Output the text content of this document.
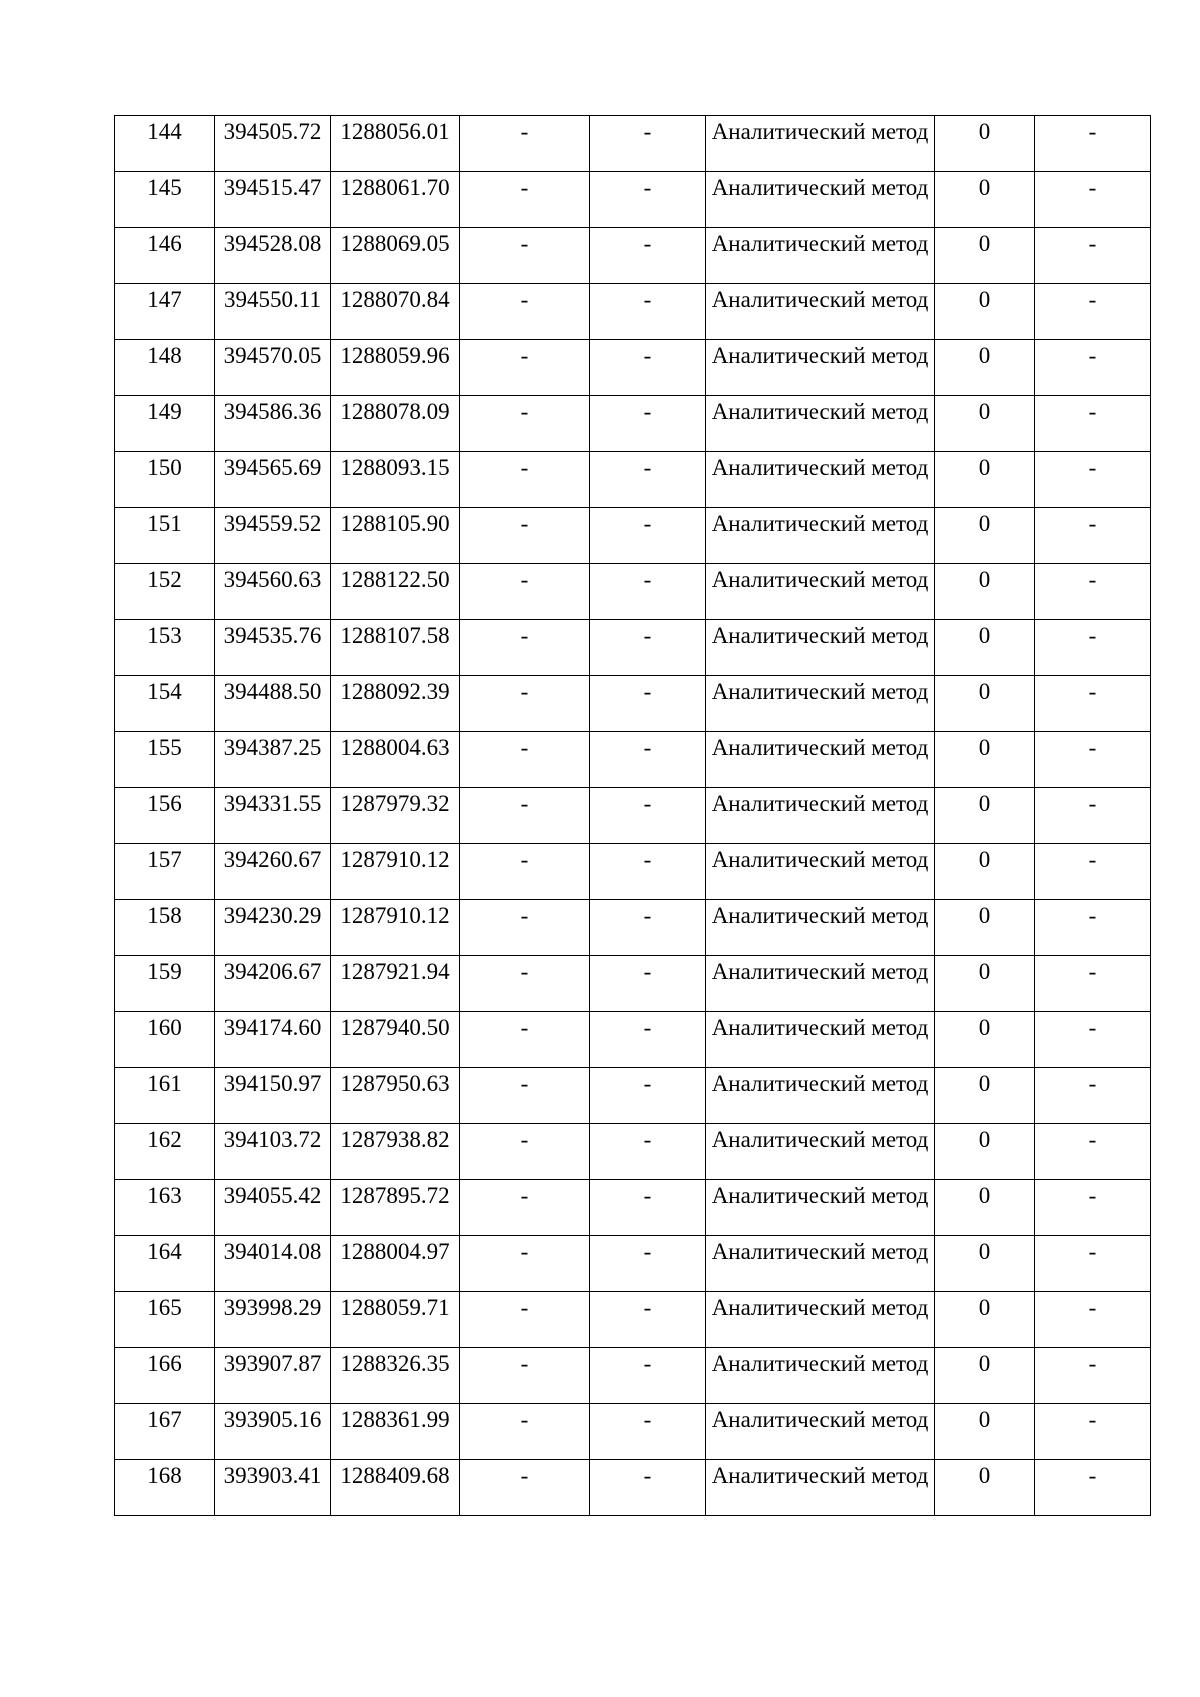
144	394505.72	1288056.01	-	-	Аналитический метод	0	-
145	394515.47	1288061.70	-	-	Аналитический метод	0	-
146	394528.08	1288069.05	-	-	Аналитический метод	0	-
147	394550.11	1288070.84	-	-	Аналитический метод	0	-
148	394570.05	1288059.96	-	-	Аналитический метод	0	-
149	394586.36	1288078.09	-	-	Аналитический метод	0	-
150	394565.69	1288093.15	-	-	Аналитический метод	0	-
151	394559.52	1288105.90	-	-	Аналитический метод	0	-
152	394560.63	1288122.50	-	-	Аналитический метод	0	-
153	394535.76	1288107.58	-	-	Аналитический метод	0	-
154	394488.50	1288092.39	-	-	Аналитический метод	0	-
155	394387.25	1288004.63	-	-	Аналитический метод	0	-
156	394331.55	1287979.32	-	-	Аналитический метод	0	-
157	394260.67	1287910.12	-	-	Аналитический метод	0	-
158	394230.29	1287910.12	-	-	Аналитический метод	0	-
159	394206.67	1287921.94	-	-	Аналитический метод	0	-
160	394174.60	1287940.50	-	-	Аналитический метод	0	-
161	394150.97	1287950.63	-	-	Аналитический метод	0	-
162	394103.72	1287938.82	-	-	Аналитический метод	0	-
163	394055.42	1287895.72	-	-	Аналитический метод	0	-
164	394014.08	1288004.97	-	-	Аналитический метод	0	-
165	393998.29	1288059.71	-	-	Аналитический метод	0	-
166	393907.87	1288326.35	-	-	Аналитический метод	0	-
167	393905.16	1288361.99	-	-	Аналитический метод	0	-
168	393903.41	1288409.68	-	-	Аналитический метод	0	-
